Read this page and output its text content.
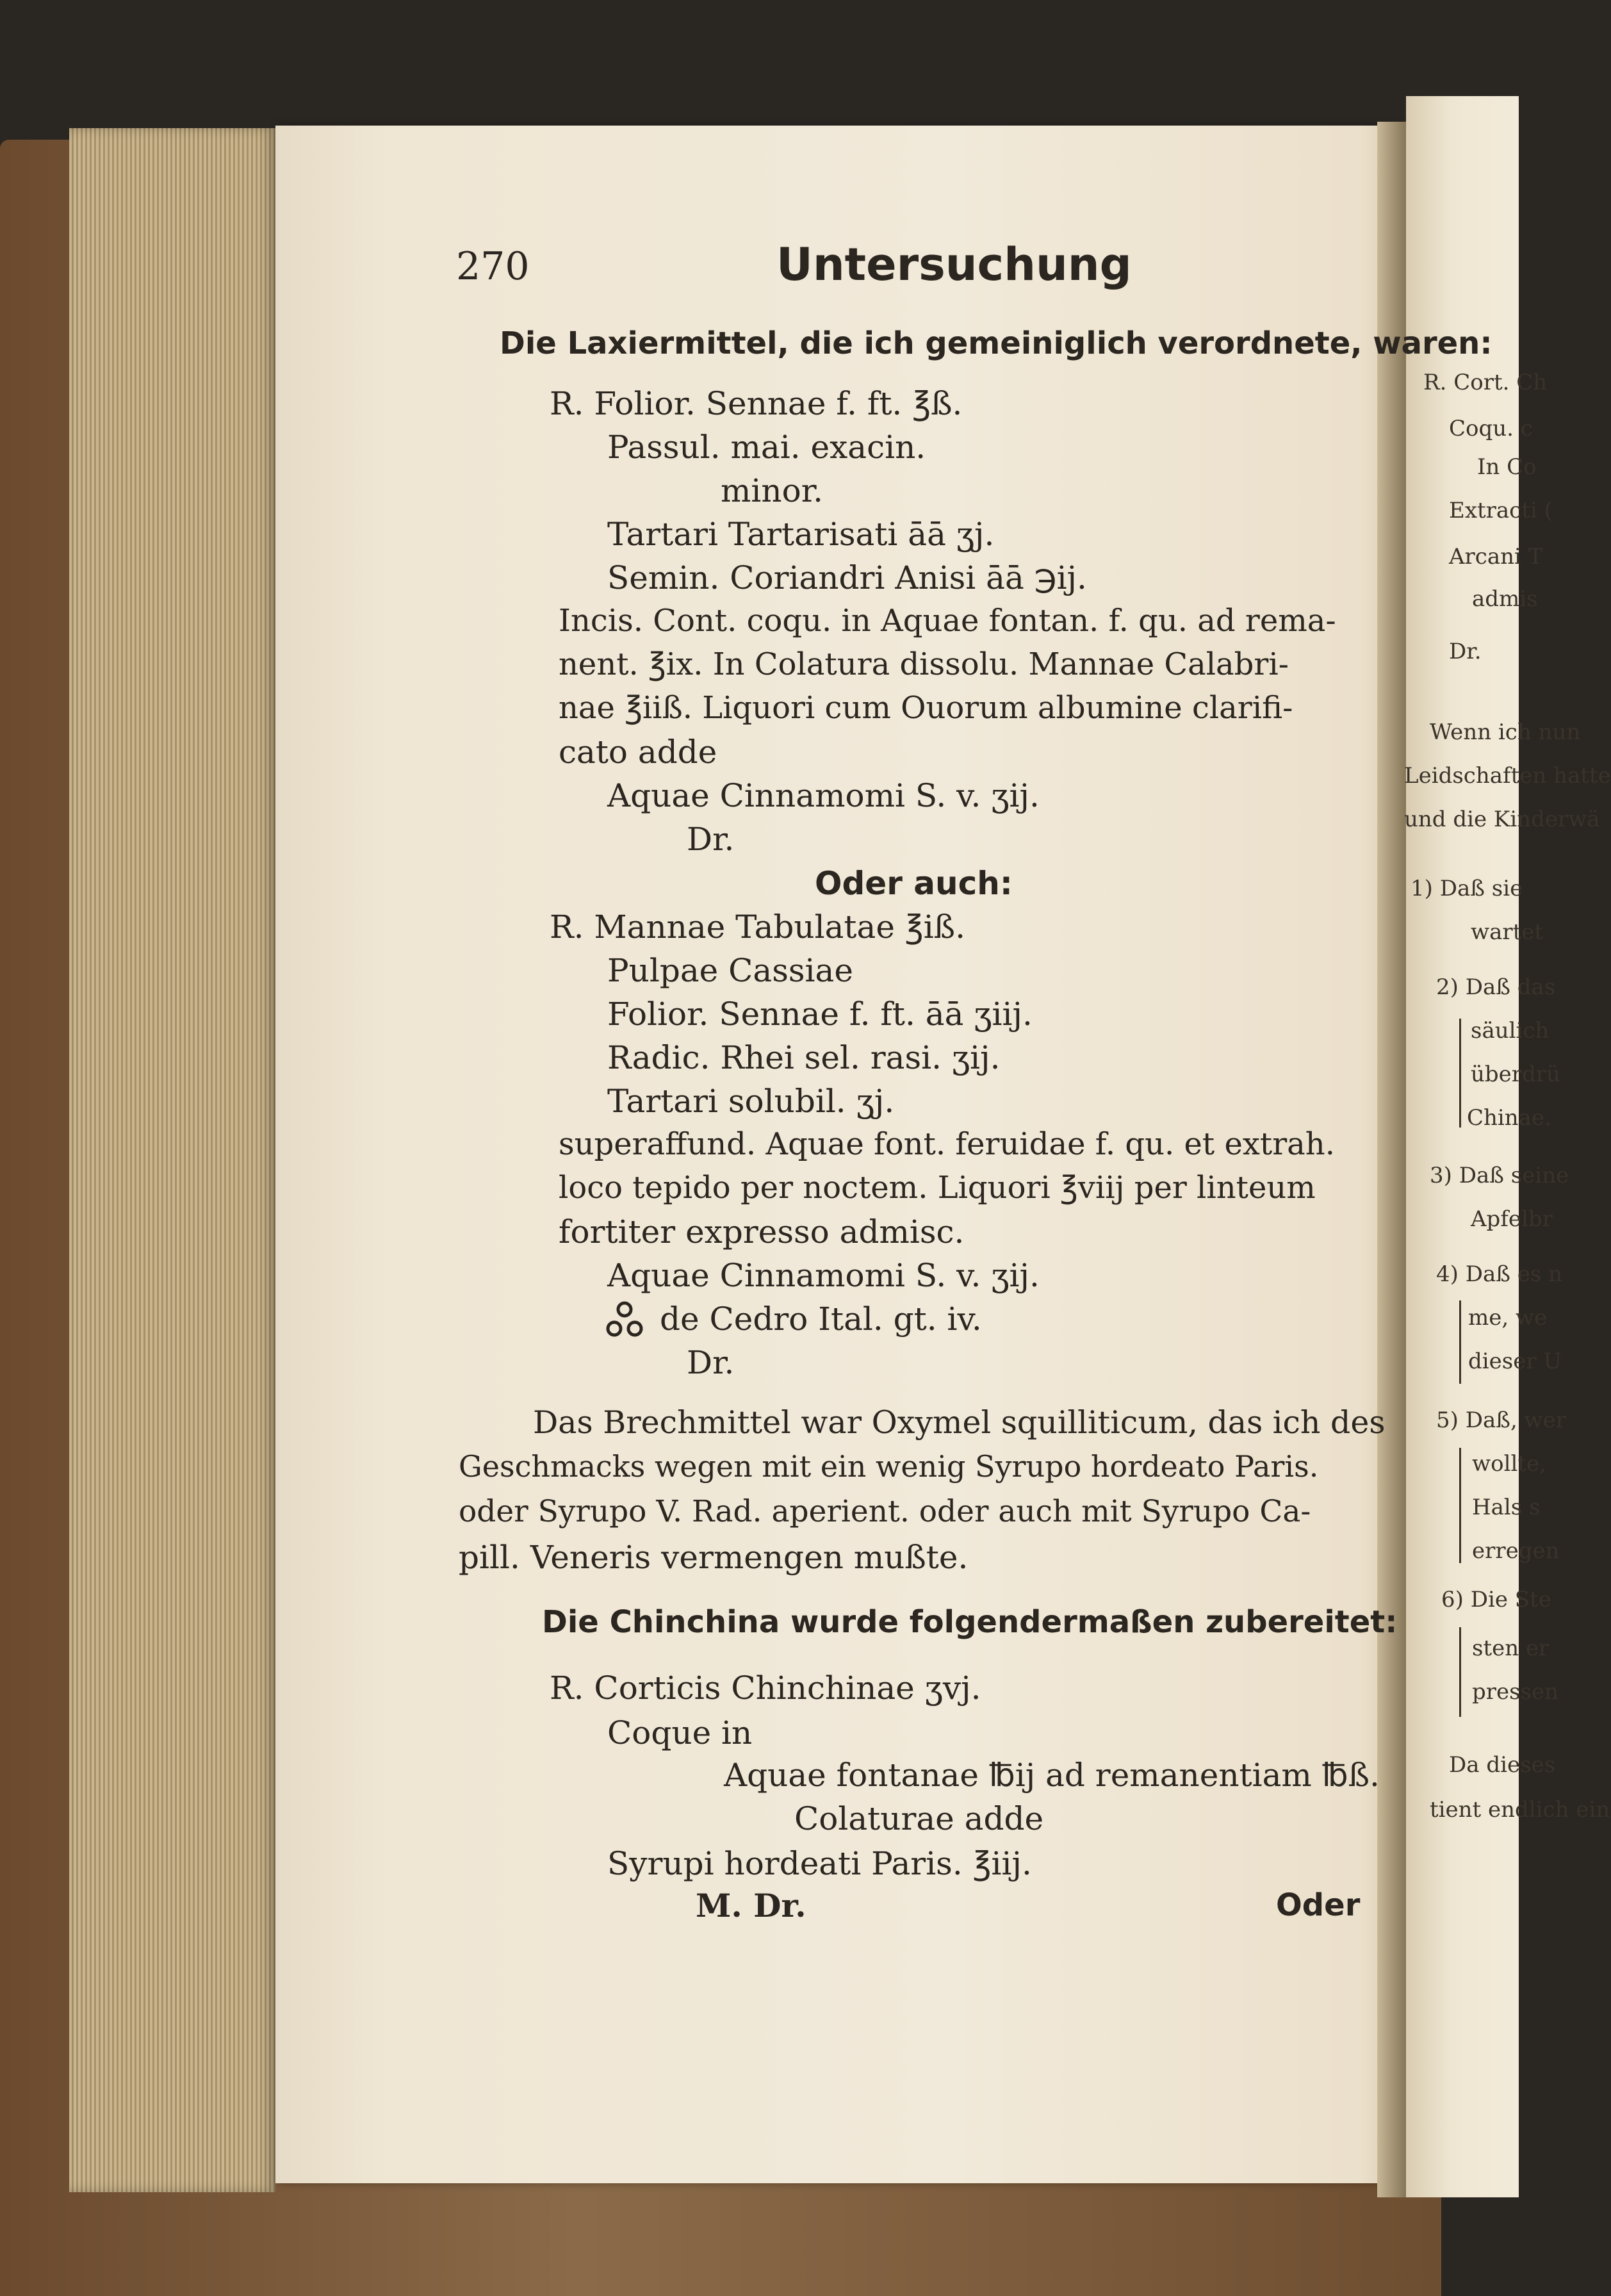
270	Untersuchung
Die Laxiermittel, die ich gemeiniglich verordnete, waren:
R. Folior. Sennae f. ft. ℥ß.
Passul. mai. exacin.
minor.
Tartari Tartarisati āā ʒj.
Semin. Coriandri Anisi āā ℈ij.
Incis. Cont. coqu. in Aquae fontan. f. qu. ad rema-
nent. ℥ix. In Colatura dissolu. Mannae Calabri-
nae ℥iiß. Liquori cum Ouorum albumine clarifi-
cato adde
Aquae Cinnamomi S. v. ʒij.
Dr.
Oder auch:
R. Mannae Tabulatae ℥iß.
Pulpae Cassiae
Folior. Sennae f. ft. āā ʒiij.
Radic. Rhei sel. rasi. ʒij.
Tartari solubil. ʒj.
superaffund. Aquae font. feruidae f. qu. et extrah.
loco tepido per noctem. Liquori ℥viij per linteum
fortiter expresso admisc.
Aquae Cinnamomi S. v. ʒij.
de Cedro Ital. gt. iv.
Dr.
Das Brechmittel war Oxymel squilliticum, das ich des
Geschmacks wegen mit ein wenig Syrupo hordeato Paris.
oder Syrupo V. Rad. aperient. oder auch mit Syrupo Ca-
pill. Veneris vermengen mußte.
Die Chinchina wurde folgendermaßen zubereitet:
R. Corticis Chinchinae ʒvj.
Coque in
Aquae fontanae ℔ij ad remanentiam ℔ß.
Colaturae adde
Syrupi hordeati Paris. ℥iij.
M. Dr.	Oder
R. Cort. Ch
Coqu. c
In Co
Extracti (
Arcani T
admis
Dr.
Wenn ich nun
Leidschaften hatte
und die Kinderwä
1) Daß sie
wartet
2) Daß das
säulich
überdrü
Chinae.
3) Daß seine
Apfelbr
4) Daß es n
me, we
dieser U
5) Daß, wer
wollte,
Hals s
erregen
6) Die Ste
sten er
pressen
Da dieses
tient endlich ein
